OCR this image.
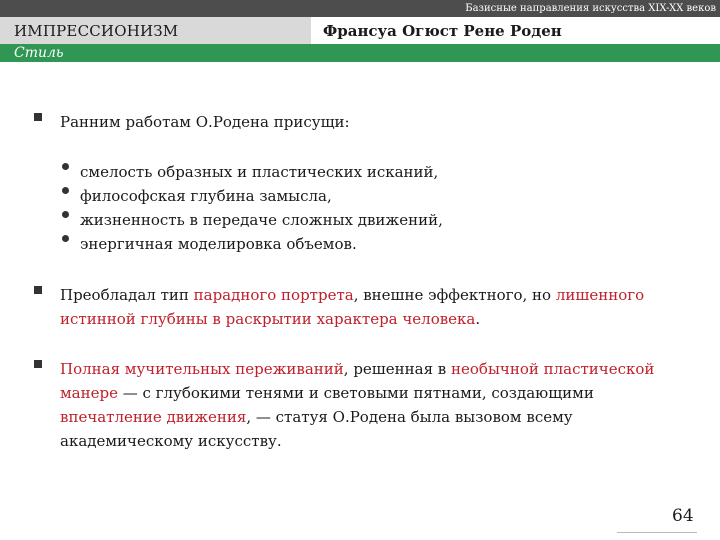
Базисные направления искусства XIX-XX веков
ИМПРЕССИОНИЗМ	Франсуа Огюст Рене Роден
Стиль
Ранним работам О.Родена присущи:
смелость образных и пластических исканий,
философская глубина замысла,
жизненность в передаче сложных движений,
энергичная моделировка объемов.
Преобладал тип парадного портрета, внешне эффектного, но лишенного
истинной глубины в раскрытии характера человека.
Полная мучительных переживаний, решенная в необычной пластической
манере — с глубокими тенями и световыми пятнами, создающими
впечатление движения, — статуя О.Родена была вызовом всему
академическому искусству.
64
